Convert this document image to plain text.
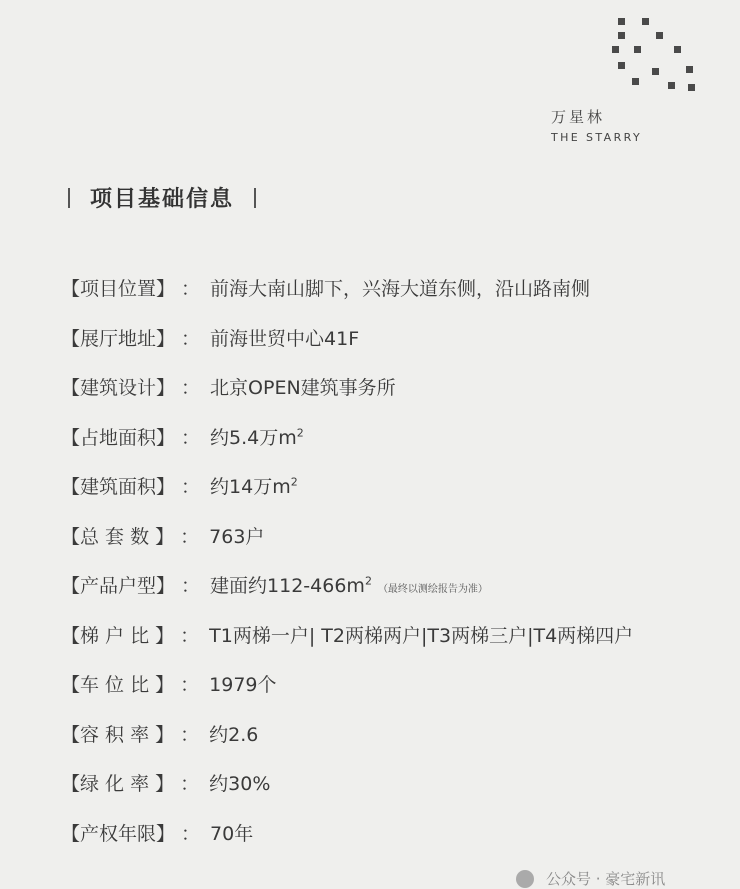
万星林
THE STARRY
项目基础信息
【项目位置】 ： 前海大南山脚下，兴海大道东侧，沿山路南侧
【展厅地址】 ： 前海世贸中心41F
【建筑设计】 ： 北京OPEN建筑事务所
【占地面积】 ： 约5.4万$m^2$
【建筑面积】 ： 约14万$m^2$
【总 套 数 】 ： 763户
【产品户型】 ： 建面约$112-466m^2$（最终以测绘报告为准）
【梯 户 比 】 ： T1两梯一户| T2两梯两户|T3两梯三户|T4两梯四户
【车 位 比 】 ： 1979个
【容 积 率 】 ： 约2.6
【绿 化 率 】 ： 约30%
【产权年限】 ： 70年
公众号 · 豪宅新讯
